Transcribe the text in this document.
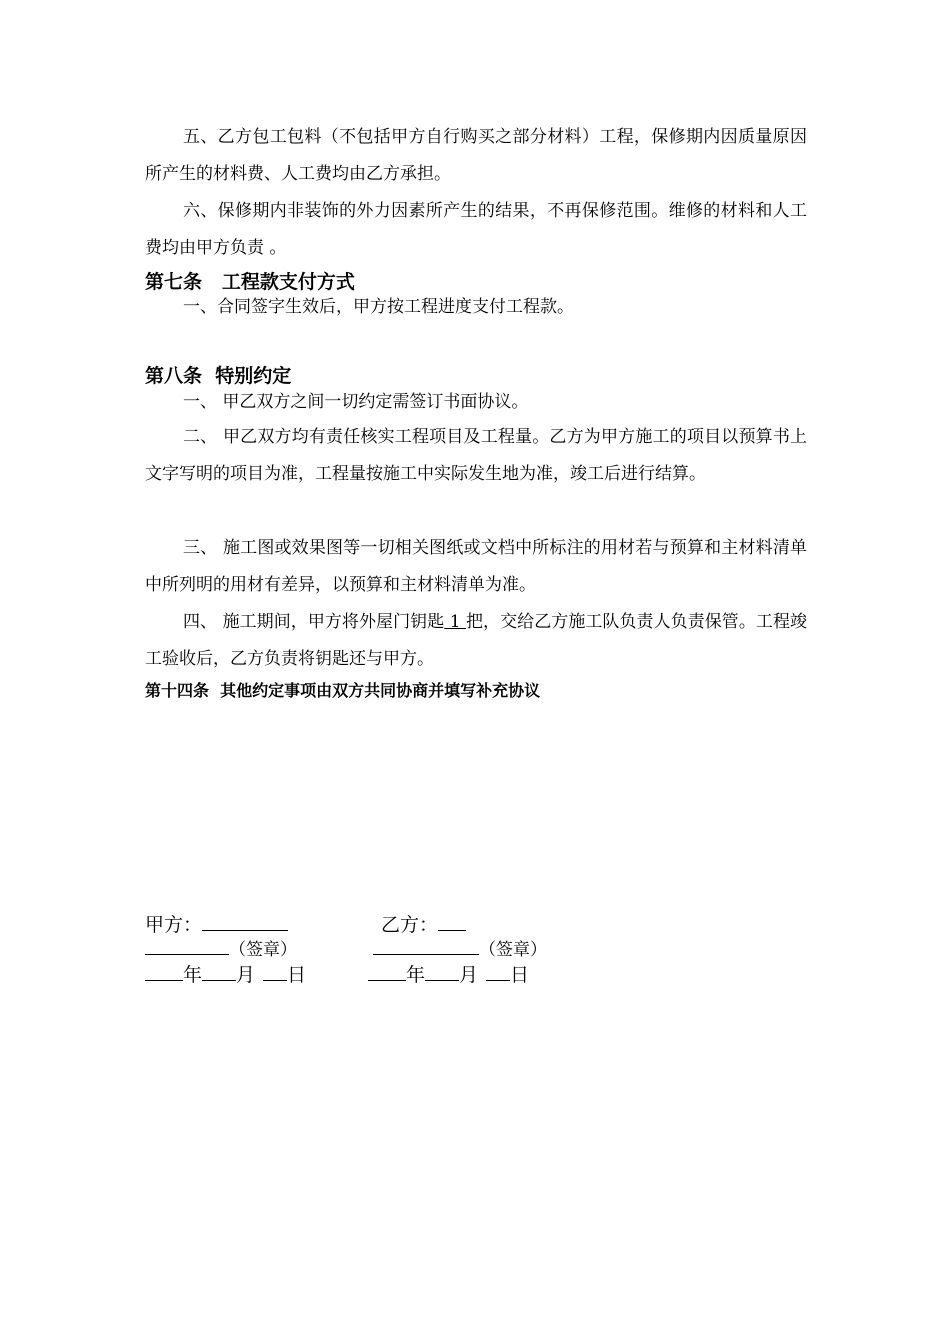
五、乙方包工包料（不包括甲方自行购买之部分材料）工程，保修期内因质量原因所产生的材料费、人工费均由乙方承担。

六、保修期内非装饰的外力因素所产生的结果，不再保修范围。维修的材料和人工费均由甲方负责 。

第七条   工程款支付方式

一、合同签字生效后，甲方按工程进度支付工程款。

第八条  特别约定

一、 甲乙双方之间一切约定需签订书面协议。

二、 甲乙双方均有责任核实工程项目及工程量。乙方为甲方施工的项目以预算书上文字写明的项目为准，工程量按施工中实际发生地为准，竣工后进行结算。

三、 施工图或效果图等一切相关图纸或文档中所标注的用材若与预算和主材料清单中所列明的用材有差异，以预算和主材料清单为准。

四、 施工期间，甲方将外屋门钥匙 1 把，交给乙方施工队负责人负责保管。工程竣工验收后，乙方负责将钥匙还与甲方。

第十四条  其他约定事项由双方共同协商并填写补充协议
甲方：	乙方：
（签章）	（签章）
年 月 日	年 月 日
